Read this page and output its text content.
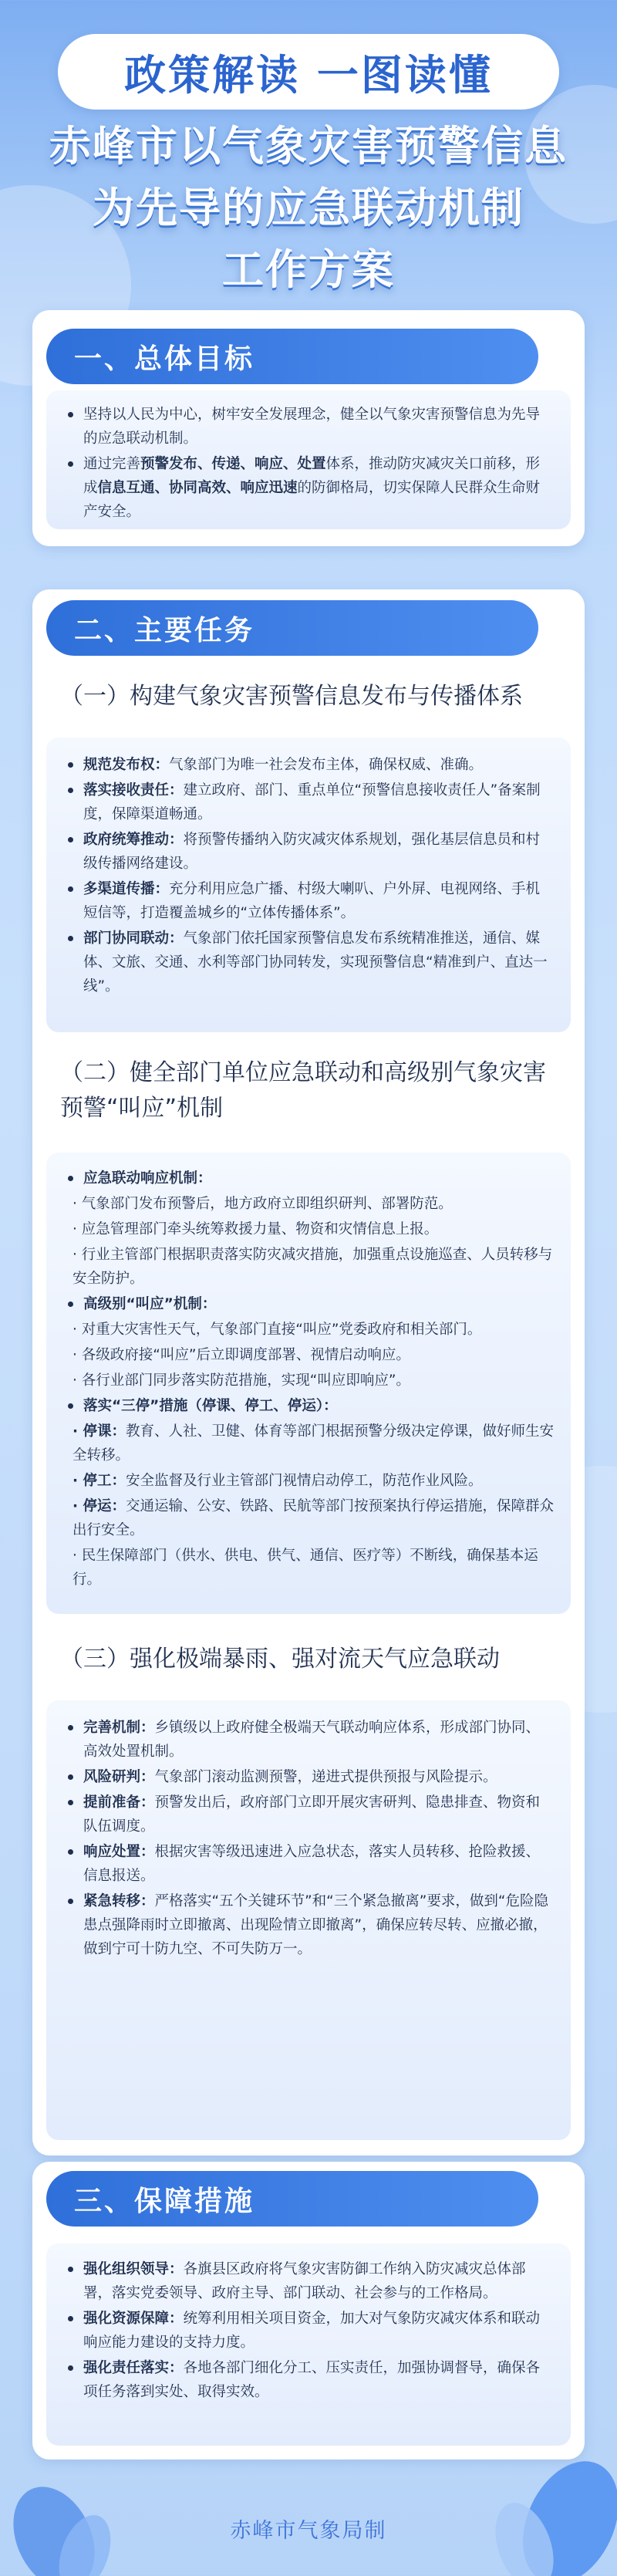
政策解读 一图读懂
赤峰市以气象灾害预警信息
为先导的应急联动机制
工作方案
一、总体目标
坚持以人民为中心，树牢安全发展理念，健全以气象灾害预警信息为先导的应急联动机制。
通过完善预警发布、传递、响应、处置体系，推动防灾减灾关口前移，形成信息互通、协同高效、响应迅速的防御格局，切实保障人民群众生命财产安全。
二、主要任务
（一）构建气象灾害预警信息发布与传播体系
规范发布权：气象部门为唯一社会发布主体，确保权威、准确。
落实接收责任：建立政府、部门、重点单位“预警信息接收责任人”备案制度，保障渠道畅通。
政府统筹推动：将预警传播纳入防灾减灾体系规划，强化基层信息员和村级传播网络建设。
多渠道传播：充分利用应急广播、村级大喇叭、户外屏、电视网络、手机短信等，打造覆盖城乡的“立体传播体系”。
部门协同联动：气象部门依托国家预警信息发布系统精准推送，通信、媒体、文旅、交通、水利等部门协同转发，实现预警信息“精准到户、直达一线”。
（二）健全部门单位应急联动和高级别气象灾害预警“叫应”机制
应急联动响应机制：
· 气象部门发布预警后，地方政府立即组织研判、部署防范。
· 应急管理部门牵头统筹救援力量、物资和灾情信息上报。
· 行业主管部门根据职责落实防灾减灾措施，加强重点设施巡查、人员转移与安全防护。
高级别“叫应”机制：
· 对重大灾害性天气，气象部门直接“叫应”党委政府和相关部门。
· 各级政府接“叫应”后立即调度部署、视情启动响应。
· 各行业部门同步落实防范措施，实现“叫应即响应”。
落实“三停”措施（停课、停工、停运）：
· 停课：教育、人社、卫健、体育等部门根据预警分级决定停课，做好师生安全转移。
· 停工：安全监督及行业主管部门视情启动停工，防范作业风险。
· 停运：交通运输、公安、铁路、民航等部门按预案执行停运措施，保障群众出行安全。
· 民生保障部门（供水、供电、供气、通信、医疗等）不断线，确保基本运行。
（三）强化极端暴雨、强对流天气应急联动
完善机制：乡镇级以上政府健全极端天气联动响应体系，形成部门协同、高效处置机制。
风险研判：气象部门滚动监测预警，递进式提供预报与风险提示。
提前准备：预警发出后，政府部门立即开展灾害研判、隐患排查、物资和队伍调度。
响应处置：根据灾害等级迅速进入应急状态，落实人员转移、抢险救援、信息报送。
紧急转移：严格落实“五个关键环节”和“三个紧急撤离”要求，做到“危险隐患点强降雨时立即撤离、出现险情立即撤离”，确保应转尽转、应撤必撤，做到宁可十防九空、不可失防万一。
三、保障措施
强化组织领导：各旗县区政府将气象灾害防御工作纳入防灾减灾总体部署，落实党委领导、政府主导、部门联动、社会参与的工作格局。
强化资源保障：统筹利用相关项目资金，加大对气象防灾减灾体系和联动响应能力建设的支持力度。
强化责任落实：各地各部门细化分工、压实责任，加强协调督导，确保各项任务落到实处、取得实效。
赤峰市气象局制
